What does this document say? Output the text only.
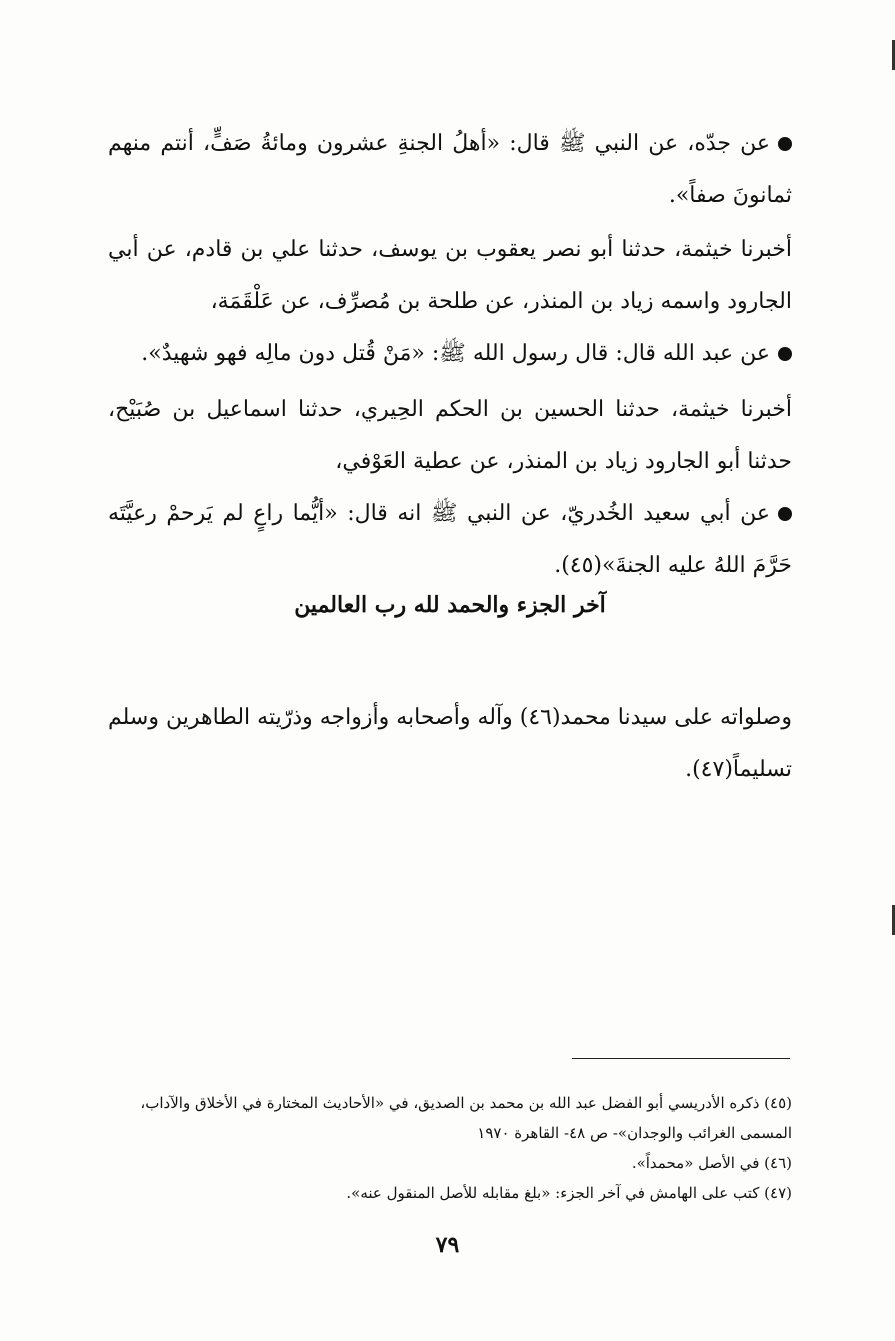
عن جدّه، عن النبي ﷺ قال: «أهلُ الجنةِ عشرون ومائةُ صَفٍّ، أنتم منهم ثمانونَ صفاً».

أخبرنا خيثمة، حدثنا أبو نصر يعقوب بن يوسف، حدثنا علي بن قادم، عن أبي الجارود واسمه زياد بن المنذر، عن طلحة بن مُصرِّف، عن عَلْقَمَة،

عن عبد الله قال: قال رسول الله ﷺ: «مَنْ قُتل دون مالِه فهو شهيدٌ».

أخبرنا خيثمة، حدثنا الحسين بن الحكم الحِيري، حدثنا اسماعيل بن صُبَيْح، حدثنا أبو الجارود زياد بن المنذر، عن عطية العَوْفي،

عن أبي سعيد الخُدريّ، عن النبي ﷺ انه قال: «أيُّما راعٍ لم يَرحمْ رعيَّتَه حَرَّمَ اللهُ عليه الجنةَ»(٤٥).

آخر الجزء والحمد لله رب العالمين

وصلواته على سيدنا محمد(٤٦) وآله وأصحابه وأزواجه وذرّيته الطاهرين وسلم تسليماً(٤٧).

(٤٥) ذكره الأدريسي أبو الفضل عبد الله بن محمد بن الصديق، في «الأحاديث المختارة في الأخلاق والآداب، المسمى الغرائب والوجدان»- ص ٤٨- القاهرة ١٩٧٠

(٤٦) في الأصل «محمداً».

(٤٧) كتب على الهامش في آخر الجزء: «بلغ مقابله للأصل المنقول عنه».

٧٩
